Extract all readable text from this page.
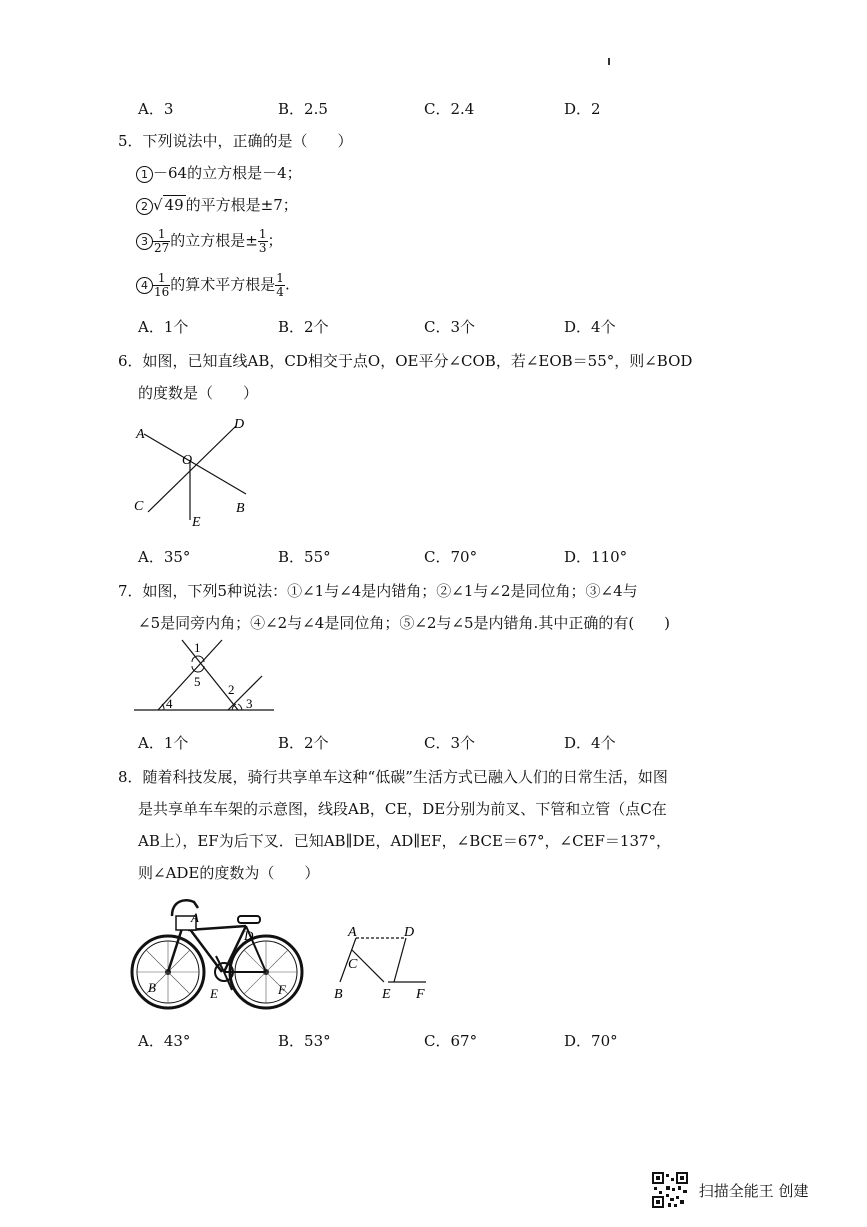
A．3	B．2.5	C．2.4	D．2
5．下列说法中，正确的是（　　）
1 －64的立方根是－4；
2 √ 49 的平方根是±7；
$3 \frac{1}{27}$ 的立方根是± $\frac{1}{3}$ ；
$4 \frac{1}{16}$ 的算术平方根是 $\frac{1}{4}$ .
A．1个	B．2个	C．3个	D．4个
6．如图，已知直线AB，CD相交于点O，OE平分∠COB，若∠EOB＝55°，则∠BOD
的度数是（　　）
A
D
O
C	B
E
A．35°	B．55°	C．70°	D．110°
7．如图，下列5种说法：①∠1与∠4是内错角；②∠1与∠2是同位角；③∠4与
∠5是同旁内角；④∠2与∠4是同位角；⑤∠2与∠5是内错角.其中正确的有(　　)
1
5
2
4	3
A．1个	B．2个	C．3个	D．4个
8．随着科技发展，骑行共享单车这种“低碳”生活方式已融入人们的日常生活，如图
是共享单车车架的示意图，线段AB，CE，DE分别为前叉、下管和立管（点C在
AB上），EF为后下叉．已知AB∥DE，AD∥EF，∠BCE＝67°，∠CEF＝137°，
则∠ADE的度数为（　　）
A
D
B	E	F
A	D
C
B	E F
A．43°	B．53°	C．67°	D．70°
扫描全能王 创建
